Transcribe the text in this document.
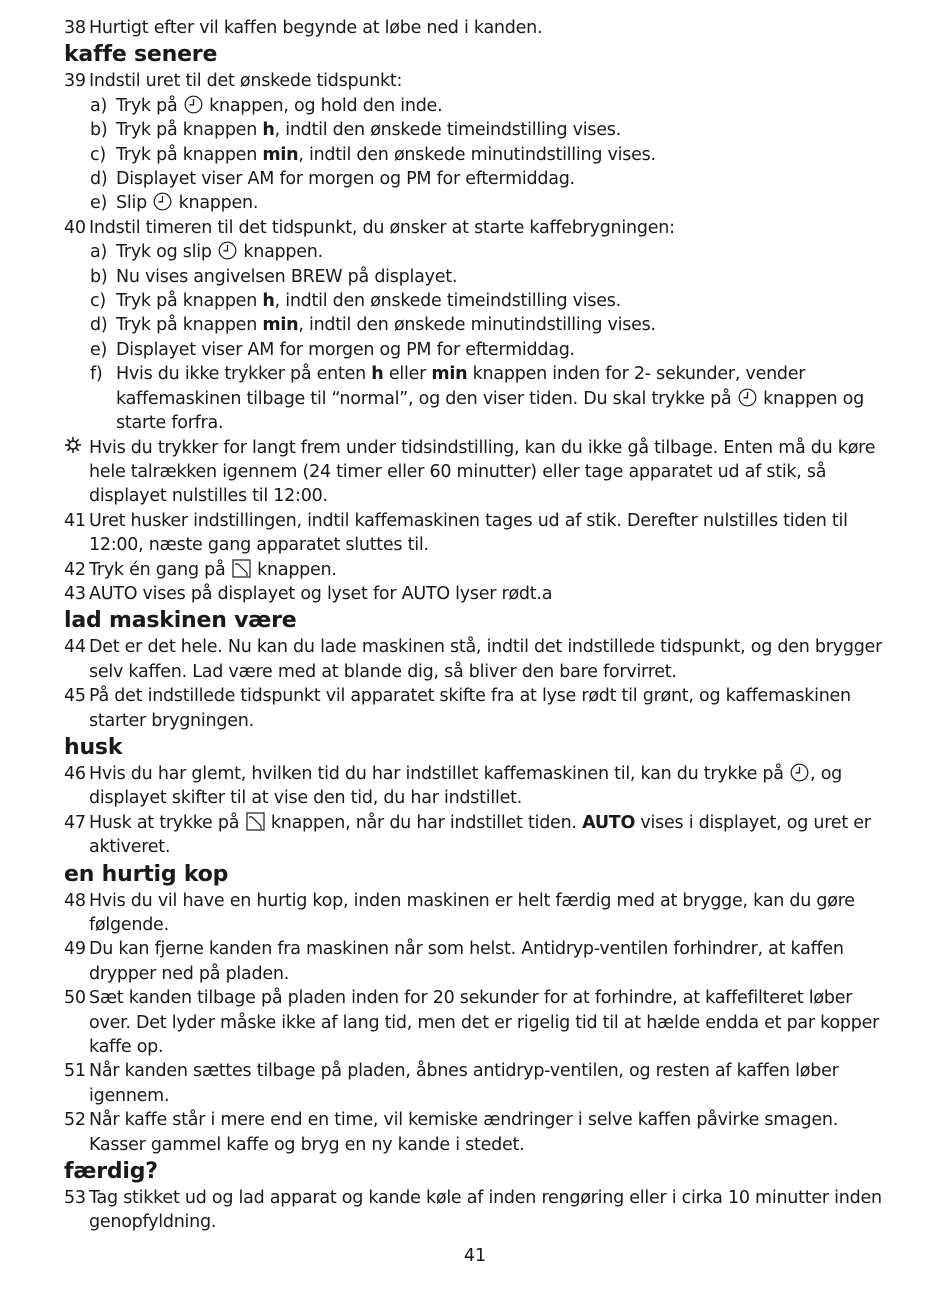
38 Hurtigt efter vil kaffen begynde at løbe ned i kanden.

kaffe senere

39 Indstil uret til det ønskede tidspunkt:

a) Tryk på knappen, og hold den inde.

b) Tryk på knappen h, indtil den ønskede timeindstilling vises.

c) Tryk på knappen min, indtil den ønskede minutindstilling vises.

d) Displayet viser AM for morgen og PM for eftermiddag.

e) Slip knappen.

40 Indstil timeren til det tidspunkt, du ønsker at starte kaffebrygningen:

a) Tryk og slip knappen.

b) Nu vises angivelsen BREW på displayet.

c) Tryk på knappen h, indtil den ønskede timeindstilling vises.

d) Tryk på knappen min, indtil den ønskede minutindstilling vises.

e) Displayet viser AM for morgen og PM for eftermiddag.

f) Hvis du ikke trykker på enten h eller min knappen inden for 2- sekunder, vender kaffemaskinen tilbage til “normal”, og den viser tiden. Du skal trykke på knappen og starte forfra.

Hvis du trykker for langt frem under tidsindstilling, kan du ikke gå tilbage. Enten må du køre hele talrækken igennem (24 timer eller 60 minutter) eller tage apparatet ud af stik, så displayet nulstilles til 12:00.

41 Uret husker indstillingen, indtil kaffemaskinen tages ud af stik. Derefter nulstilles tiden til 12:00, næste gang apparatet sluttes til.

42 Tryk én gang på knappen.

43 AUTO vises på displayet og lyset for AUTO lyser rødt.a

lad maskinen være

44 Det er det hele. Nu kan du lade maskinen stå, indtil det indstillede tidspunkt, og den brygger selv kaffen. Lad være med at blande dig, så bliver den bare forvirret.

45 På det indstillede tidspunkt vil apparatet skifte fra at lyse rødt til grønt, og kaffemaskinen starter brygningen.

husk

46 Hvis du har glemt, hvilken tid du har indstillet kaffemaskinen til, kan du trykke på , og displayet skifter til at vise den tid, du har indstillet.

47 Husk at trykke på knappen, når du har indstillet tiden. AUTO vises i displayet, og uret er aktiveret.

en hurtig kop

48 Hvis du vil have en hurtig kop, inden maskinen er helt færdig med at brygge, kan du gøre følgende.

49 Du kan fjerne kanden fra maskinen når som helst. Antidryp-ventilen forhindrer, at kaffen drypper ned på pladen.

50 Sæt kanden tilbage på pladen inden for 20 sekunder for at forhindre, at kaffefilteret løber over. Det lyder måske ikke af lang tid, men det er rigelig tid til at hælde endda et par kopper kaffe op.

51 Når kanden sættes tilbage på pladen, åbnes antidryp-ventilen, og resten af kaffen løber igennem.

52 Når kaffe står i mere end en time, vil kemiske ændringer i selve kaffen påvirke smagen. Kasser gammel kaffe og bryg en ny kande i stedet.

færdig?

53 Tag stikket ud og lad apparat og kande køle af inden rengøring eller i cirka 10 minutter inden genopfyldning.

41
